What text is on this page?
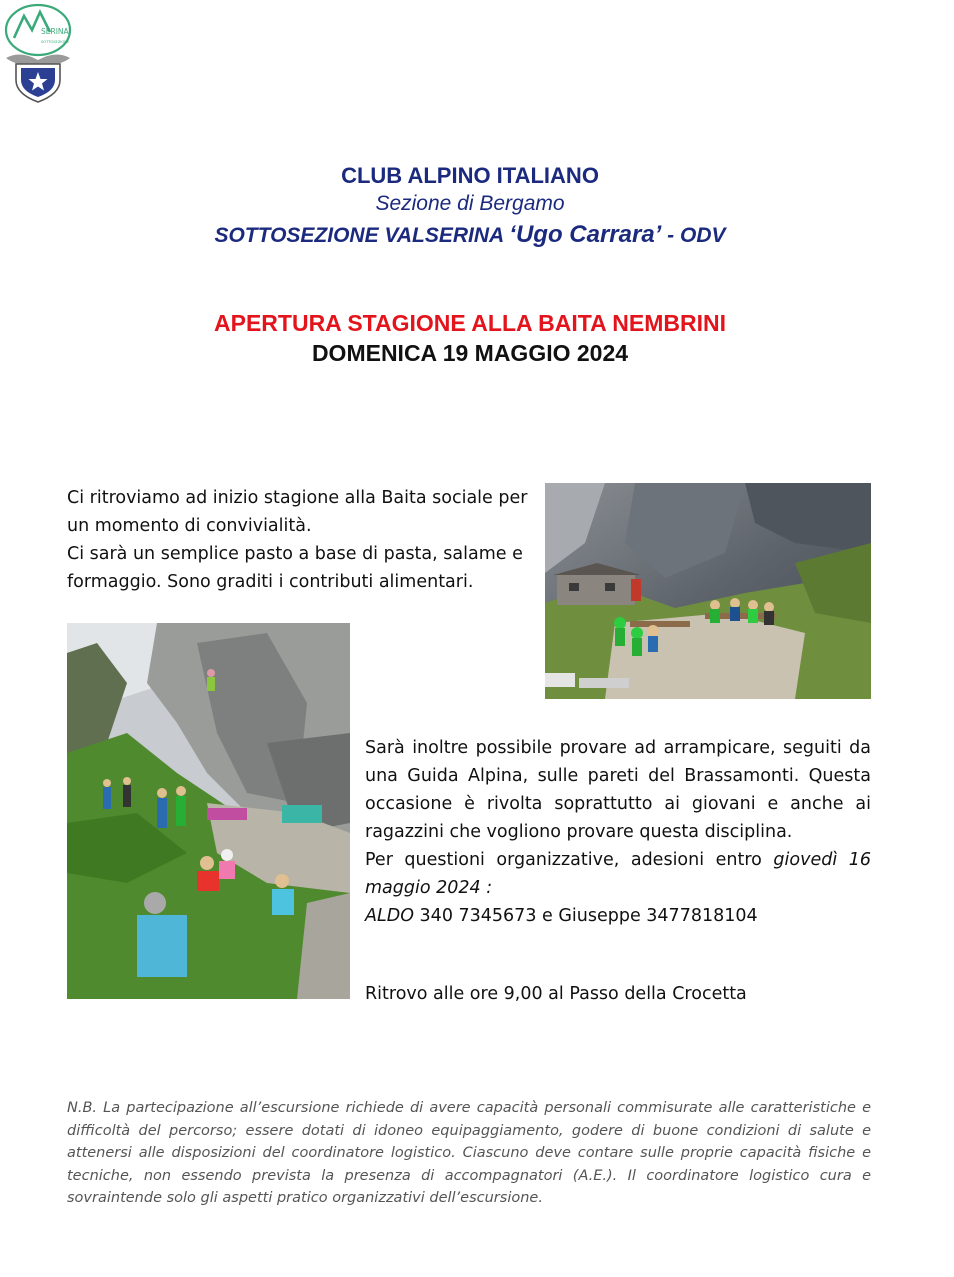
SERINA
SOTTOSEZIONE
CLUB ALPINO ITALIANO
Sezione di Bergamo
SOTTOSEZIONE VALSERINA ‘Ugo Carrara’ - ODV
APERTURA STAGIONE ALLA BAITA NEMBRINI
DOMENICA 19 MAGGIO 2024
Ci ritroviamo ad inizio stagione alla Baita sociale per un momento di convivialità.
Ci sarà un semplice pasto a base di pasta, salame e formaggio. Sono graditi i contributi alimentari.

Sarà inoltre possibile provare ad arrampicare, seguiti da una Guida Alpina, sulle pareti del Brassamonti. Questa occasione è rivolta soprattutto ai giovani e anche ai ragazzini che vogliono provare questa disciplina.

Per questioni organizzative, adesioni entro giovedì 16 maggio 2024 :

ALDO 340 7345673 e Giuseppe 3477818104

Ritrovo alle ore 9,00 al Passo della Crocetta
N.B. La partecipazione all’escursione richiede di avere capacità personali commisurate alle caratteristiche e difficoltà del percorso; essere dotati di idoneo equipaggiamento, godere di buone condizioni di salute e attenersi alle disposizioni del coordinatore logistico. Ciascuno deve contare sulle proprie capacità fisiche e tecniche, non essendo prevista la presenza di accompagnatori (A.E.). Il coordinatore logistico cura e sovraintende solo gli aspetti pratico organizzativi dell’escursione.
